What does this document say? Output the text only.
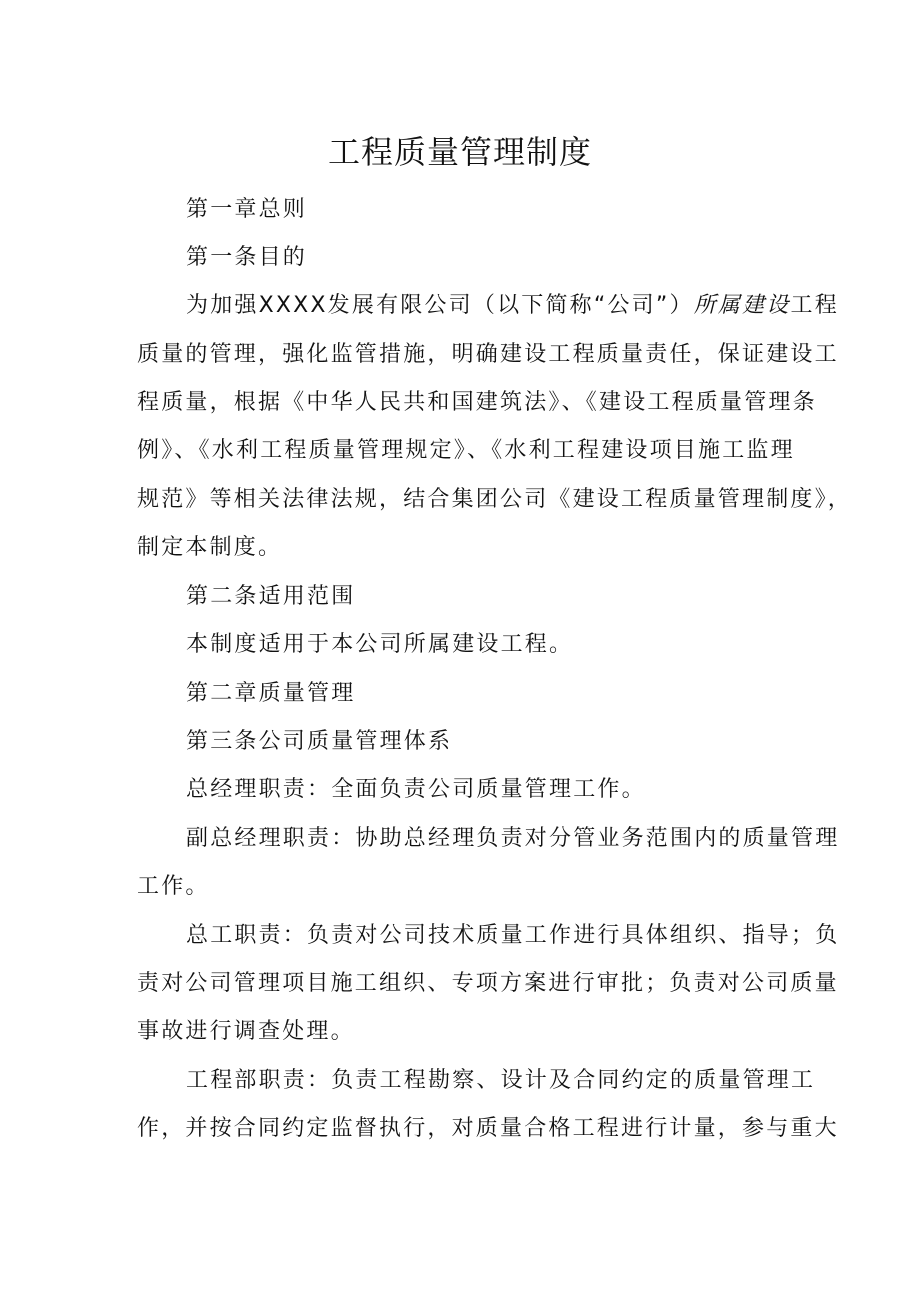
工程质量管理制度
第一章总则
第一条目的
为加强XXXX发展有限公司（以下简称“公司”）所属建设工程
质量的管理，强化监管措施，明确建设工程质量责任，保证建设工
程质量，根据《中华人民共和国建筑法》、《建设工程质量管理条
例》、《水利工程质量管理规定》、《水利工程建设项目施工监理
规范》等相关法律法规，结合集团公司《建设工程质量管理制度》，
制定本制度。
第二条适用范围
本制度适用于本公司所属建设工程。
第二章质量管理
第三条公司质量管理体系
总经理职责：全面负责公司质量管理工作。
副总经理职责：协助总经理负责对分管业务范围内的质量管理
工作。
总工职责：负责对公司技术质量工作进行具体组织、指导；负
责对公司管理项目施工组织、专项方案进行审批；负责对公司质量
事故进行调查处理。
工程部职责：负责工程勘察、设计及合同约定的质量管理工
作，并按合同约定监督执行，对质量合格工程进行计量，参与重大
